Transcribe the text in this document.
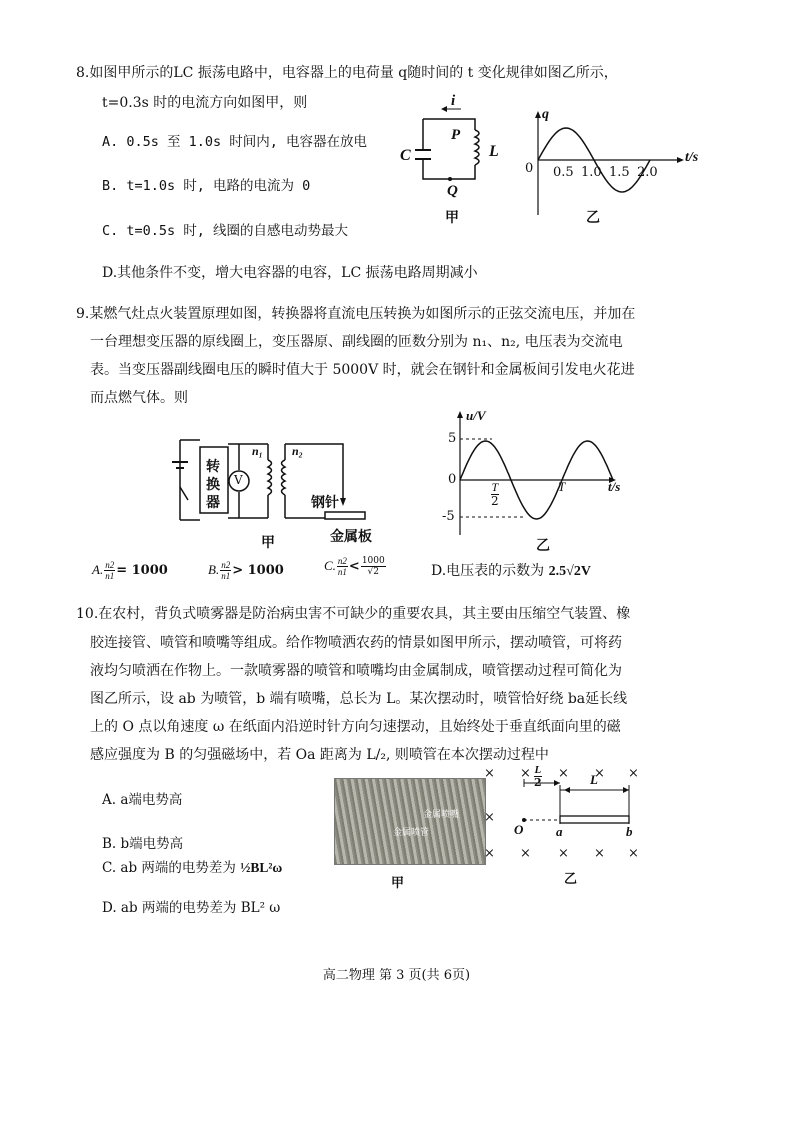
8.如图甲所示的LC 振荡电路中，电容器上的电荷量 q随时间的 t 变化规律如图乙所示，
t=0.3s 时的电流方向如图甲，则
A. 0.5s 至 1.0s 时间内, 电容器在放电
B. t=1.0s 时, 电路的电流为 0
C. t=0.5s 时, 线圈的自感电动势最大
D.其他条件不变，增大电容器的电容，LC 振荡电路周期减小
i
P
Q
C	L
甲
q
t/s
0 0.5 1.0 1.5 2.0
乙
9.某燃气灶点火装置原理如图，转换器将直流电压转换为如图所示的正弦交流电压，并加在
一台理想变压器的原线圈上，变压器原、副线圈的匝数分别为 n₁、n₂, 电压表为交流电
表。当变压器副线圈电压的瞬时值大于 5000V 时，就会在钢针和金属板间引发电火花进
而点燃气体。则
转
换
器
V
n₁ n₂
钢针
金属板
甲
u/V
t/s
5
-5
0
$\frac{T}{2}$	T
乙
A. $\frac{n2}{n1} = 1000$	B. $\frac{n2}{n1} > 1000$	C. $\frac{n2}{n1} < \frac{1000}{√2}$	D.电压表的示数为 2.5√2V
10.在农村，背负式喷雾器是防治病虫害不可缺少的重要农具，其主要由压缩空气装置、橡
胶连接管、喷管和喷嘴等组成。给作物喷洒农药的情景如图甲所示，摆动喷管，可将药
液均匀喷洒在作物上。一款喷雾器的喷管和喷嘴均由金属制成，喷管摆动过程可简化为
图乙所示，设 ab 为喷管，b 端有喷嘴，总长为 L。某次摆动时，喷管恰好绕 ba延长线
上的 O 点以角速度 ω 在纸面内沿逆时针方向匀速摆动，且始终处于垂直纸面向里的磁
感应强度为 B 的匀强磁场中，若 Oa 距离为 L/₂, 则喷管在本次摆动过程中
A. a端电势高
B. b端电势高
C. ab 两端的电势差为 ½BL²ω
D. ab 两端的电势差为 BL² ω
金属喷嘴
金属喷管
甲
× × × × ×
×
× × × × ×
$\frac{L}{2}$	L
O	a	b
乙
高二物理 第 3 页(共 6页)
